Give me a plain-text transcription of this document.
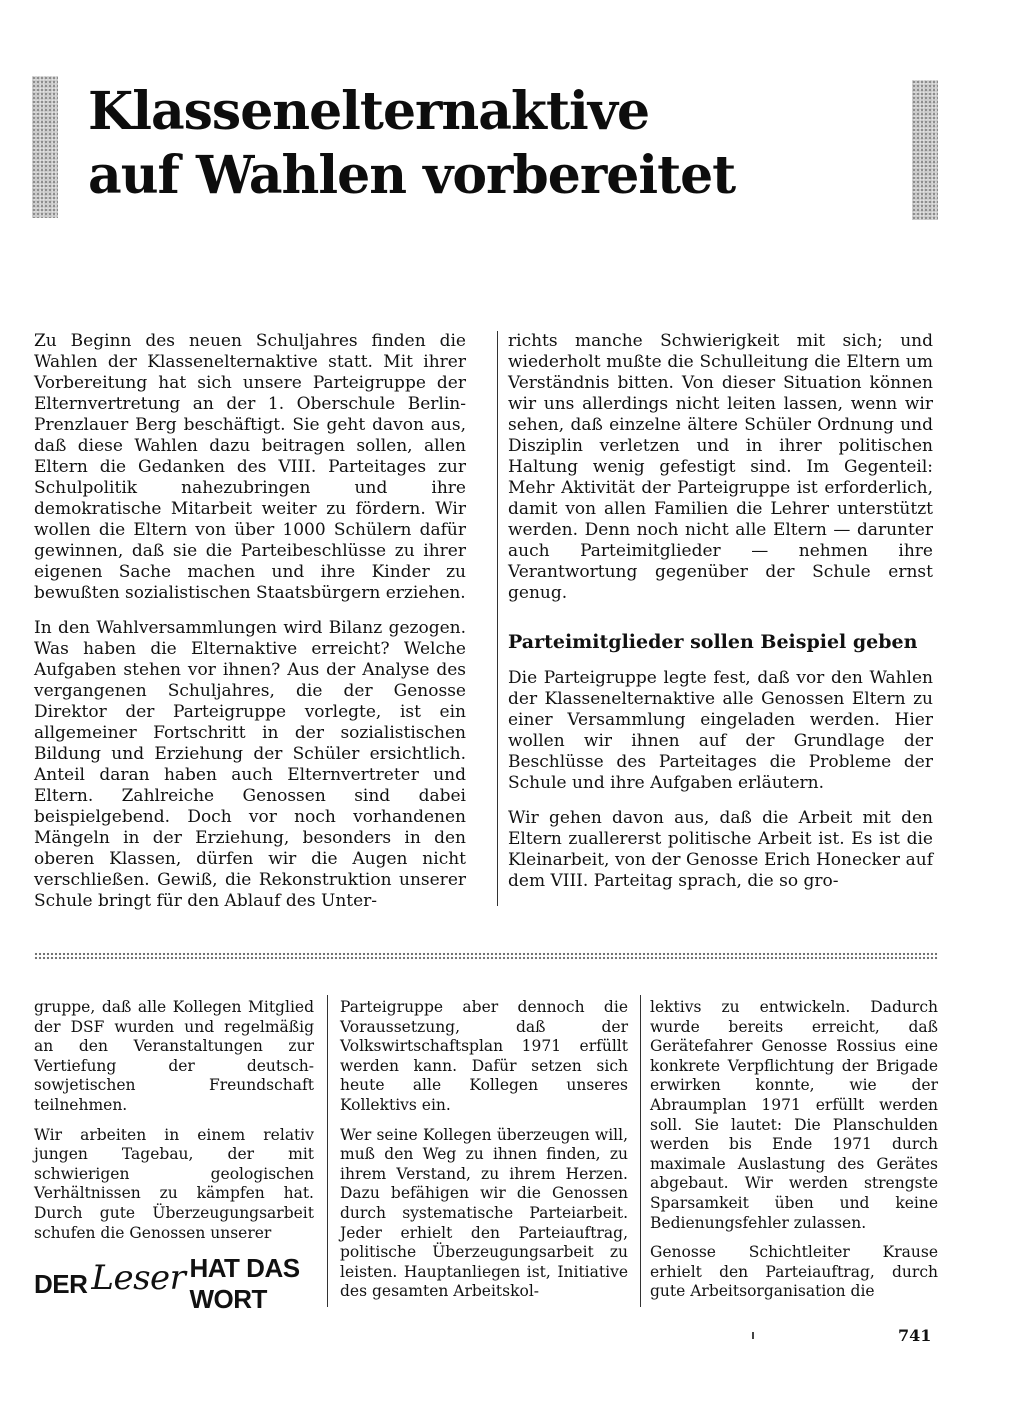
Klassenelternaktive
auf Wahlen vorbereitet

Zu Beginn des neuen Schuljahres finden die Wahlen der Klassenelternaktive statt. Mit ihrer Vorbereitung hat sich unsere Parteigruppe der Elternvertretung an der 1. Oberschule Berlin-Prenzlauer Berg beschäftigt. Sie geht davon aus, daß diese Wahlen dazu beitragen sollen, allen Eltern die Gedanken des VIII. Parteitages zur Schulpolitik nahezubringen und ihre demokratische Mitarbeit weiter zu fördern. Wir wollen die Eltern von über 1000 Schülern dafür gewinnen, daß sie die Parteibeschlüsse zu ihrer eigenen Sache machen und ihre Kinder zu bewußten sozialistischen Staatsbürgern erziehen.

In den Wahlversammlungen wird Bilanz gezogen. Was haben die Elternaktive erreicht? Welche Aufgaben stehen vor ihnen? Aus der Analyse des vergangenen Schuljahres, die der Genosse Direktor der Parteigruppe vorlegte, ist ein allgemeiner Fortschritt in der sozialistischen Bildung und Erziehung der Schüler ersichtlich. Anteil daran haben auch Elternvertreter und Eltern. Zahlreiche Genossen sind dabei beispielgebend. Doch vor noch vorhandenen Mängeln in der Erziehung, besonders in den oberen Klassen, dürfen wir die Augen nicht verschließen. Gewiß, die Rekonstruktion unserer Schule bringt für den Ablauf des Unter-

richts manche Schwierigkeit mit sich; und wiederholt mußte die Schulleitung die Eltern um Verständnis bitten. Von dieser Situation können wir uns allerdings nicht leiten lassen, wenn wir sehen, daß einzelne ältere Schüler Ordnung und Disziplin verletzen und in ihrer politischen Haltung wenig gefestigt sind. Im Gegenteil: Mehr Aktivität der Parteigruppe ist erforderlich, damit von allen Familien die Lehrer unterstützt werden. Denn noch nicht alle Eltern — darunter auch Parteimitglieder — nehmen ihre Verantwortung gegenüber der Schule ernst genug.

Parteimitglieder sollen Beispiel geben

Die Parteigruppe legte fest, daß vor den Wahlen der Klassenelternaktive alle Genossen Eltern zu einer Versammlung eingeladen werden. Hier wollen wir ihnen auf der Grundlage der Beschlüsse des Parteitages die Probleme der Schule und ihre Aufgaben erläutern.

Wir gehen davon aus, daß die Arbeit mit den Eltern zuallererst politische Arbeit ist. Es ist die Kleinarbeit, von der Genosse Erich Honecker auf dem VIII. Parteitag sprach, die so gro-

gruppe, daß alle Kollegen Mitglied der DSF wurden und regelmäßig an den Veranstaltungen zur Vertiefung der deutsch-sowjetischen Freundschaft teilnehmen.

Wir arbeiten in einem relativ jungen Tagebau, der mit schwierigen geologischen Verhältnissen zu kämpfen hat. Durch gute Überzeugungsarbeit schufen die Genossen unserer

Parteigruppe aber dennoch die Voraussetzung, daß der Volkswirtschaftsplan 1971 erfüllt werden kann. Dafür setzen sich heute alle Kollegen unseres Kollektivs ein.

Wer seine Kollegen überzeugen will, muß den Weg zu ihnen finden, zu ihrem Verstand, zu ihrem Herzen. Dazu befähigen wir die Genossen durch systematische Parteiarbeit. Jeder erhielt den Parteiauftrag, politische Überzeugungsarbeit zu leisten. Hauptanliegen ist, Initiative des gesamten Arbeitskol-

lektivs zu entwickeln. Dadurch wurde bereits erreicht, daß Gerätefahrer Genosse Rossius eine konkrete Verpflichtung der Brigade erwirken konnte, wie der Abraumplan 1971 erfüllt werden soll. Sie lautet: Die Planschulden werden bis Ende 1971 durch maximale Auslastung des Gerätes abgebaut. Wir werden strengste Sparsamkeit üben und keine Bedienungsfehler zulassen.

Genosse Schichtleiter Krause erhielt den Parteiauftrag, durch gute Arbeitsorganisation die

DER Leser HAT DAS WORT
741
